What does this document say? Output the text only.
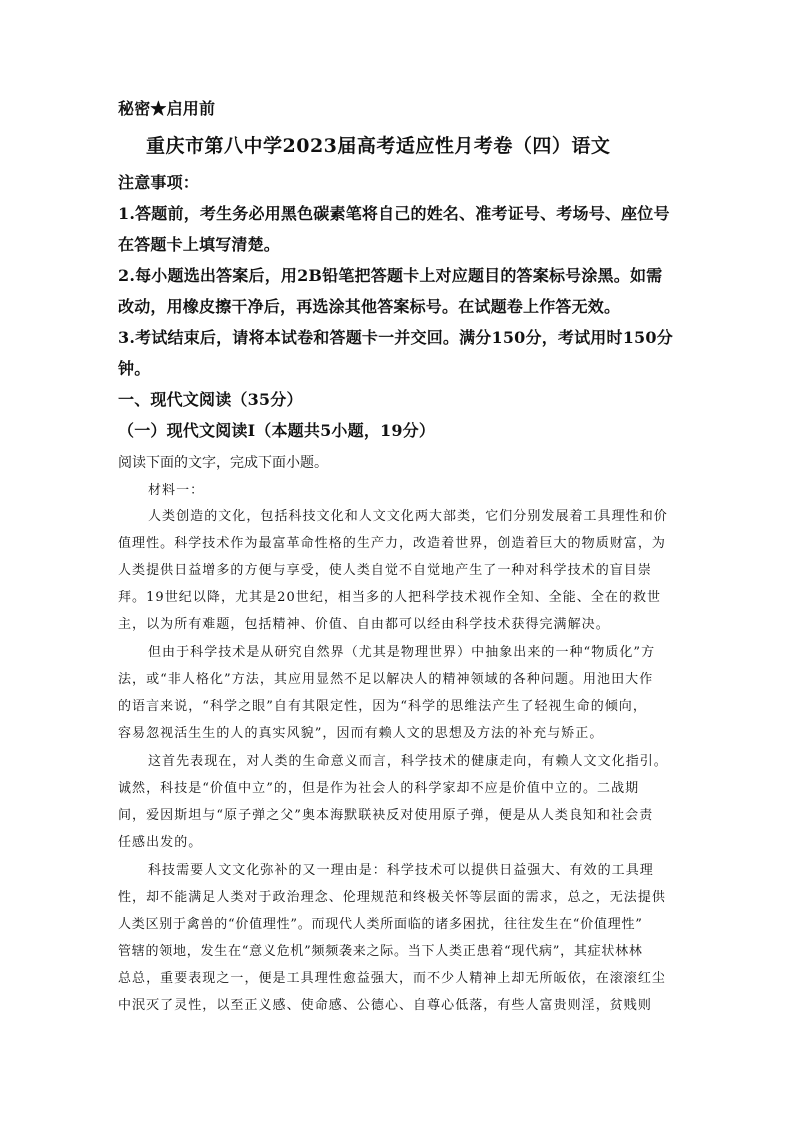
秘密★启用前
重庆市第八中学2023届高考适应性月考卷（四）语文
注意事项：
1.答题前，考生务必用黑色碳素笔将自己的姓名、准考证号、考场号、座位号
在答题卡上填写清楚。
2.每小题选出答案后，用2B铅笔把答题卡上对应题目的答案标号涂黑。如需
改动，用橡皮擦干净后，再选涂其他答案标号。在试题卷上作答无效。
3.考试结束后，请将本试卷和答题卡一并交回。满分150分，考试用时150分
钟。
一、现代文阅读（35分）
（一）现代文阅读Ⅰ（本题共5小题，19分）
阅读下面的文字，完成下面小题。
材料一：
人类创造的文化，包括科技文化和人文文化两大部类，它们分别发展着工具理性和价
值理性。科学技术作为最富革命性格的生产力，改造着世界，创造着巨大的物质财富，为
人类提供日益增多的方便与享受，使人类自觉不自觉地产生了一种对科学技术的盲目崇
拜。19世纪以降，尤其是20世纪，相当多的人把科学技术视作全知、全能、全在的救世
主，以为所有难题，包括精神、价值、自由都可以经由科学技术获得完满解决。
但由于科学技术是从研究自然界（尤其是物理世界）中抽象出来的一种“物质化”方
法，或“非人格化”方法，其应用显然不足以解决人的精神领域的各种问题。用池田大作
的语言来说，“科学之眼”自有其限定性，因为“科学的思维法产生了轻视生命的倾向，
容易忽视活生生的人的真实风貌”，因而有赖人文的思想及方法的补充与矫正。
这首先表现在，对人类的生命意义而言，科学技术的健康走向，有赖人文文化指引。
诚然，科技是“价值中立”的，但是作为社会人的科学家却不应是价值中立的。二战期
间，爱因斯坦与“原子弹之父”奥本海默联袂反对使用原子弹，便是从人类良知和社会责
任感出发的。
科技需要人文文化弥补的又一理由是：科学技术可以提供日益强大、有效的工具理
性，却不能满足人类对于政治理念、伦理规范和终极关怀等层面的需求，总之，无法提供
人类区别于禽兽的“价值理性”。而现代人类所面临的诸多困扰，往往发生在“价值理性”
管辖的领地，发生在“意义危机”频频袭来之际。当下人类正患着“现代病”，其症状林林
总总，重要表现之一，便是工具理性愈益强大，而不少人精神上却无所皈依，在滚滚红尘
中泯灭了灵性，以至正义感、使命感、公德心、自尊心低落，有些人富贵则淫，贫贱则
